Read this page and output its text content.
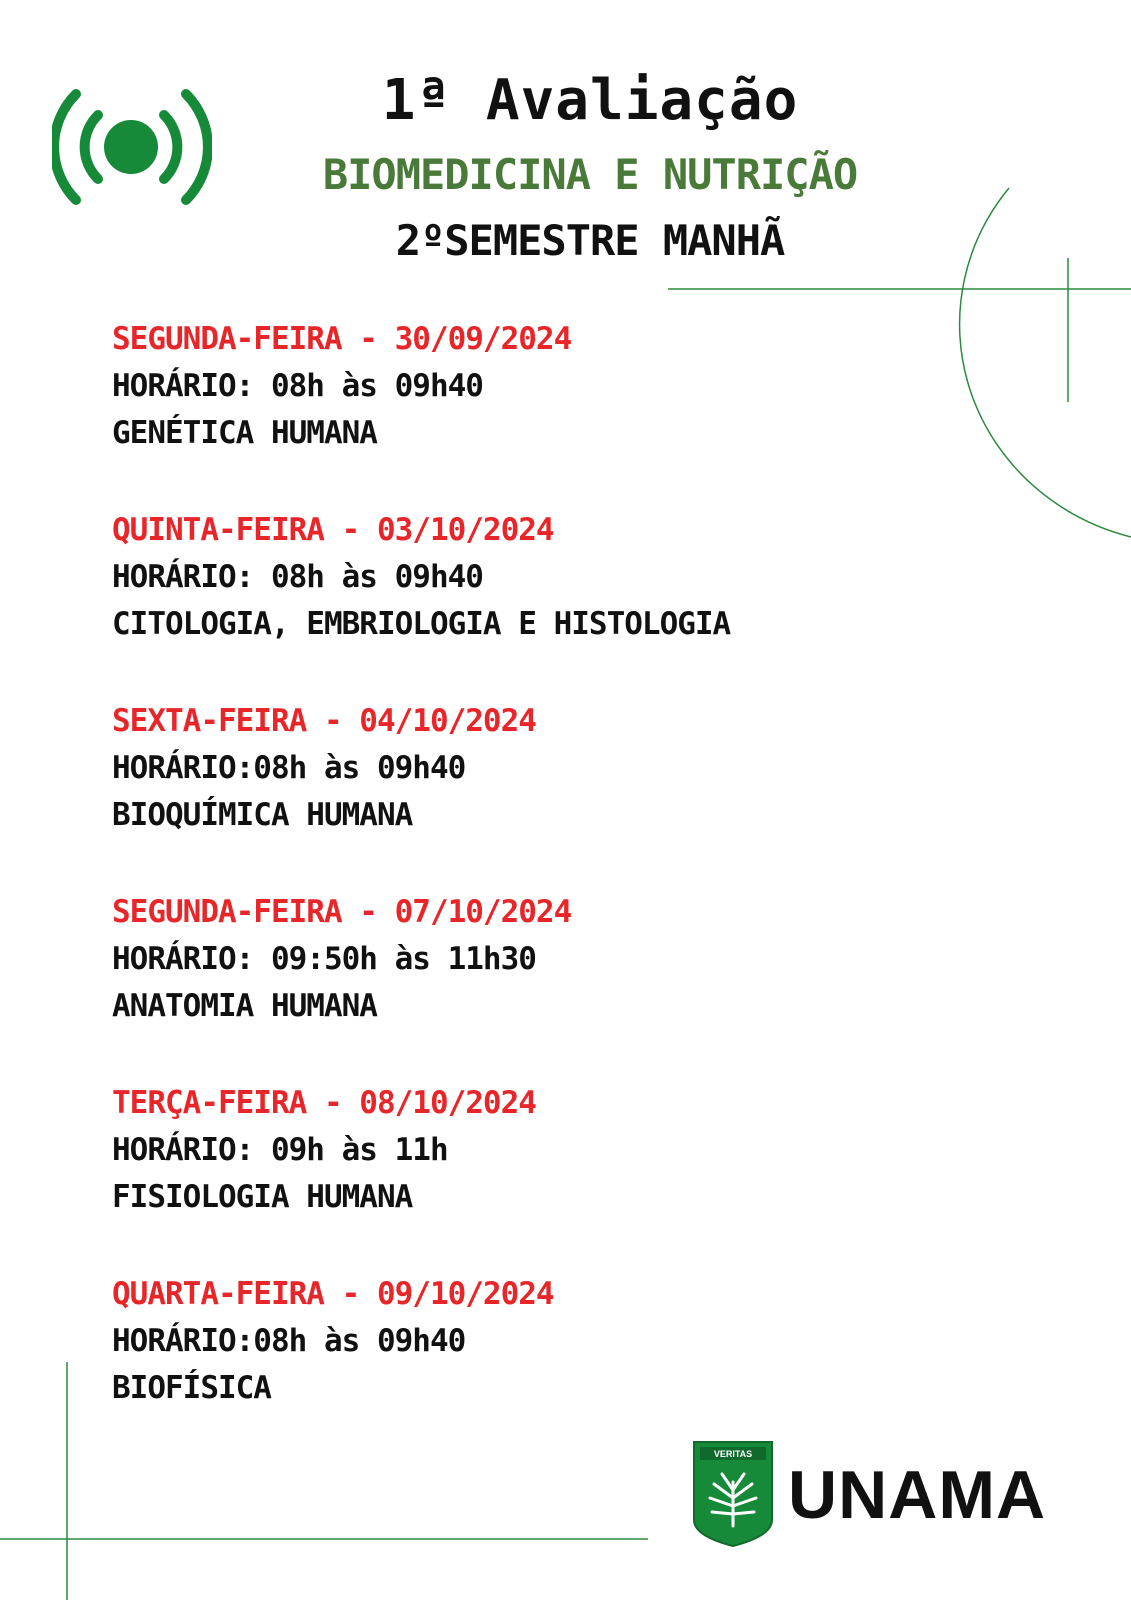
1ª Avaliação
BIOMEDICINA E NUTRIÇÃO
2ºSEMESTRE MANHÃ
SEGUNDA-FEIRA - 30/09/2024
HORÁRIO: 08h às 09h40
GENÉTICA HUMANA
QUINTA-FEIRA - 03/10/2024
HORÁRIO: 08h às 09h40
CITOLOGIA, EMBRIOLOGIA E HISTOLOGIA
SEXTA-FEIRA - 04/10/2024
HORÁRIO:08h às 09h40
BIOQUÍMICA HUMANA
SEGUNDA-FEIRA - 07/10/2024
HORÁRIO: 09:50h às 11h30
ANATOMIA HUMANA
TERÇA-FEIRA - 08/10/2024
HORÁRIO: 09h às 11h
FISIOLOGIA HUMANA
QUARTA-FEIRA - 09/10/2024
HORÁRIO:08h às 09h40
BIOFÍSICA
VERITAS
UNAMA
